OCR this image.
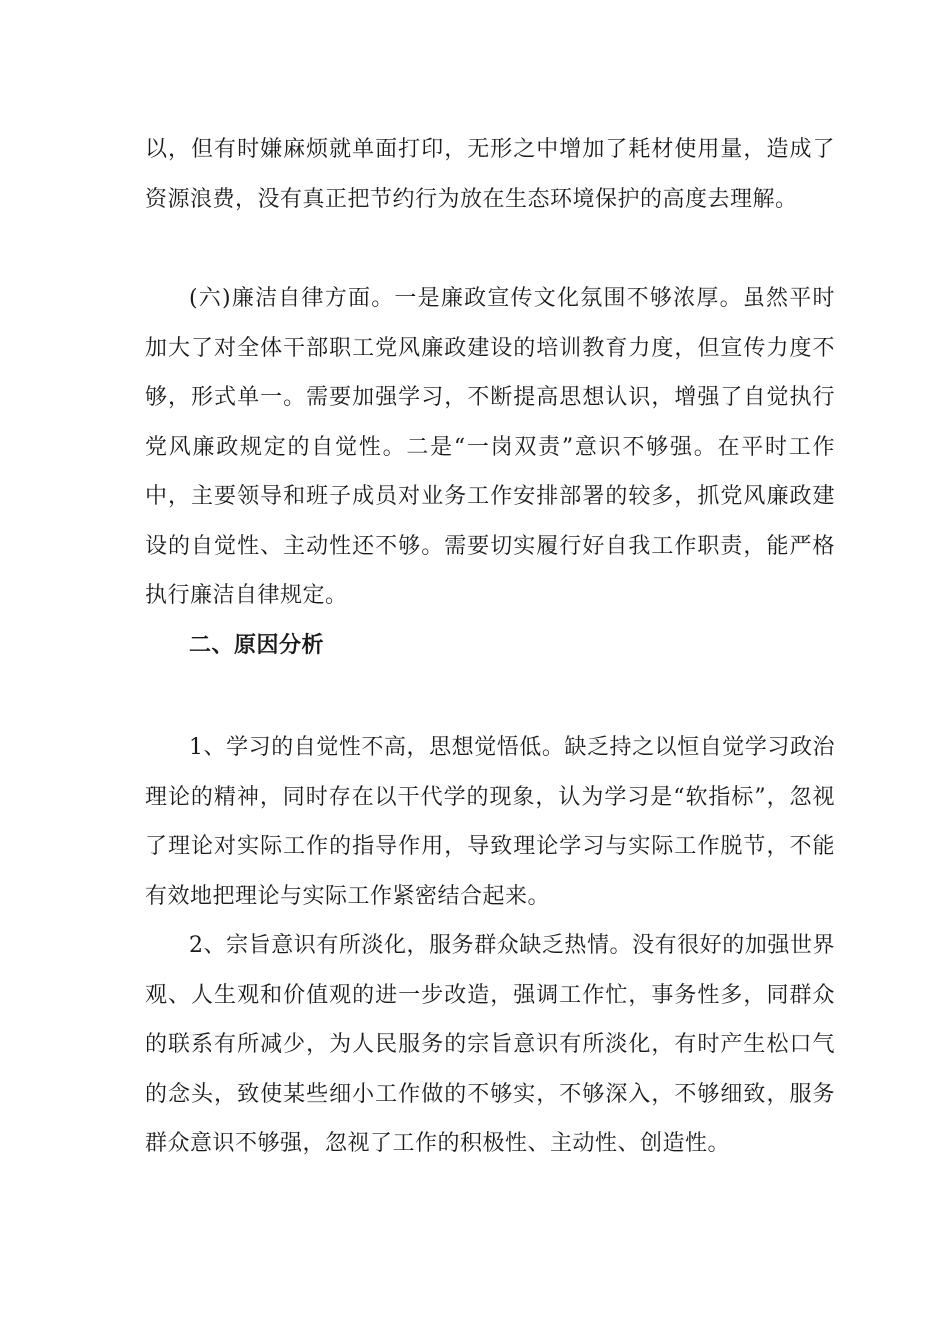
以，但有时嫌麻烦就单面打印，无形之中增加了耗材使用量，造成了资源浪费，没有真正把节约行为放在生态环境保护的高度去理解。

(六)廉洁自律方面。一是廉政宣传文化氛围不够浓厚。虽然平时加大了对全体干部职工党风廉政建设的培训教育力度，但宣传力度不够，形式单一。需要加强学习，不断提高思想认识，增强了自觉执行党风廉政规定的自觉性。二是“一岗双责”意识不够强。在平时工作中，主要领导和班子成员对业务工作安排部署的较多，抓党风廉政建设的自觉性、主动性还不够。需要切实履行好自我工作职责，能严格执行廉洁自律规定。

二、原因分析

1、学习的自觉性不高，思想觉悟低。缺乏持之以恒自觉学习政治理论的精神，同时存在以干代学的现象，认为学习是“软指标”，忽视了理论对实际工作的指导作用，导致理论学习与实际工作脱节，不能有效地把理论与实际工作紧密结合起来。

2、宗旨意识有所淡化，服务群众缺乏热情。没有很好的加强世界观、人生观和价值观的进一步改造，强调工作忙，事务性多，同群众的联系有所减少，为人民服务的宗旨意识有所淡化，有时产生松口气的念头，致使某些细小工作做的不够实，不够深入，不够细致，服务群众意识不够强，忽视了工作的积极性、主动性、创造性。
